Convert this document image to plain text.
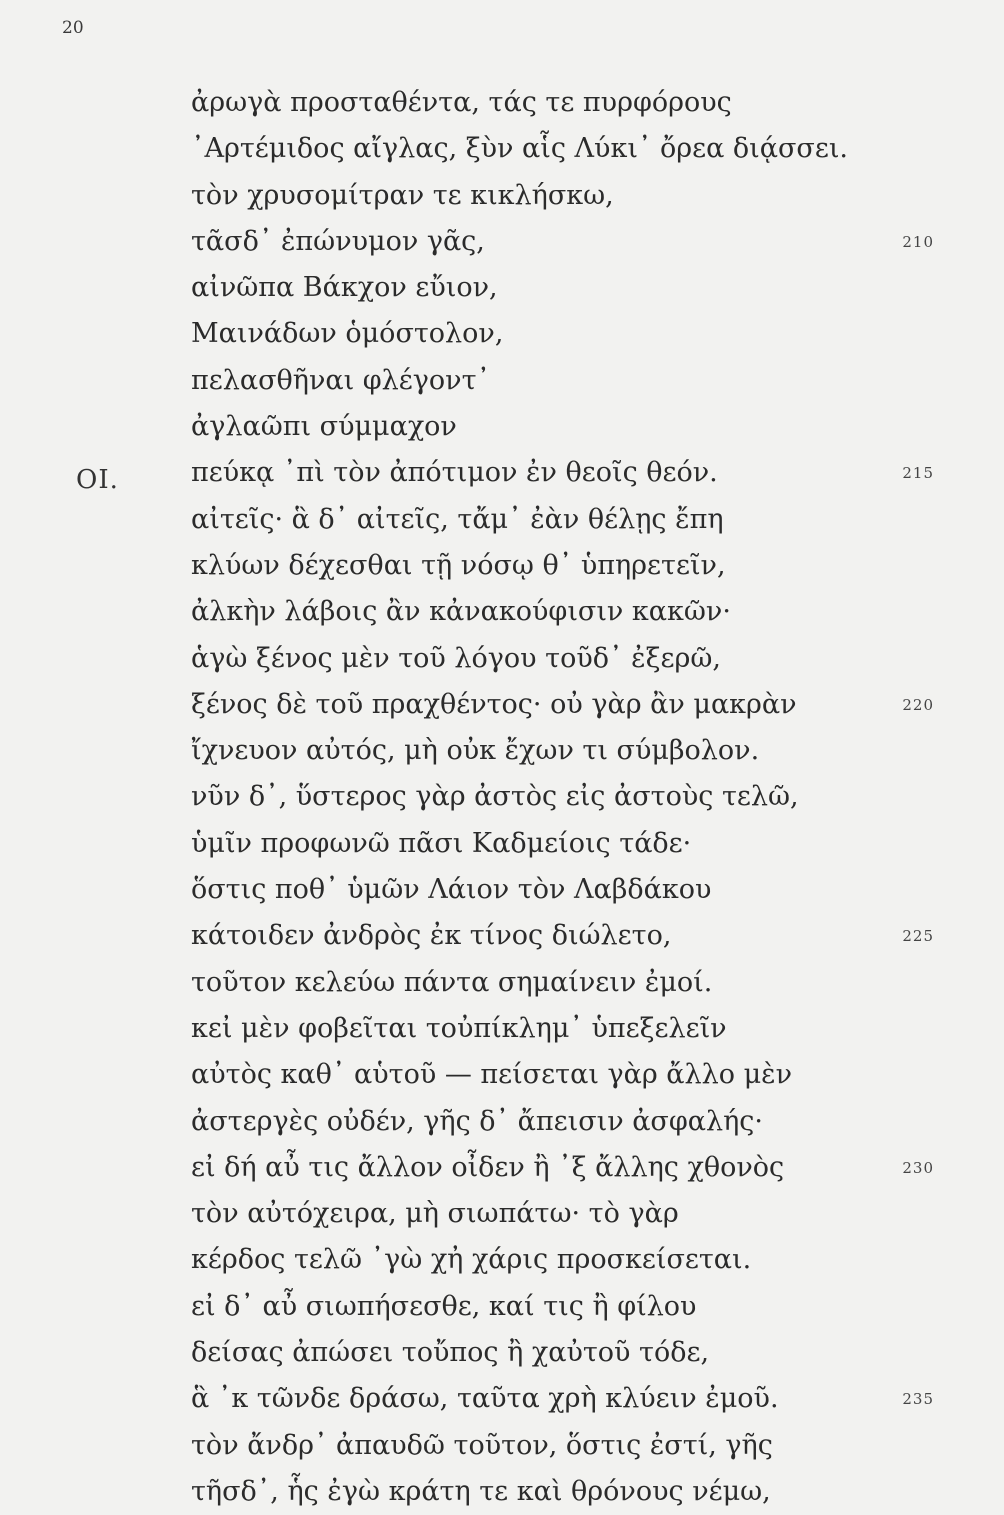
20
OI.
ἀρωγὰ προσταθέντα, τάς τε πυρφόρους
᾿Αρτέμιδος αἴγλας, ξὺν αἷς Λύκι᾽ ὄρεα διᾴσσει.
τὸν χρυσομίτραν τε κικλήσκω,
τᾶσδ᾽ ἐπώνυμον γᾶς,	210
αἰνῶπα Βάκχον εὔιον,
Μαινάδων ὁμόστολον,
πελασθῆναι φλέγοντ᾽
ἀγλαῶπι σύμμαχον
πεύκᾳ ᾽πὶ τὸν ἀπότιμον ἐν θεοῖς θεόν.	215
αἰτεῖς· ἃ δ᾽ αἰτεῖς, τἄμ᾽ ἐὰν θέλῃς ἔπη
κλύων δέχεσθαι τῇ νόσῳ θ᾽ ὑπηρετεῖν,
ἀλκὴν λάβοις ἂν κἀνακούφισιν κακῶν·
ἁγὼ ξένος μὲν τοῦ λόγου τοῦδ᾽ ἐξερῶ,
ξένος δὲ τοῦ πραχθέντος· οὐ γὰρ ἂν μακρὰν	220
ἴχνευον αὐτός, μὴ οὐκ ἔχων τι σύμβολον.
νῦν δ᾽, ὕστερος γὰρ ἀστὸς εἰς ἀστοὺς τελῶ,
ὑμῖν προφωνῶ πᾶσι Καδμείοις τάδε·
ὅστις ποθ᾽ ὑμῶν Λάιον τὸν Λαβδάκου
κάτοιδεν ἀνδρὸς ἐκ τίνος διώλετο,	225
τοῦτον κελεύω πάντα σημαίνειν ἐμοί.
κεἰ μὲν φοβεῖται τοὐπίκλημ᾽ ὑπεξελεῖν
αὐτὸς καθ᾽ αὑτοῦ — πείσεται γὰρ ἄλλο μὲν
ἀστεργὲς οὐδέν, γῆς δ᾽ ἄπεισιν ἀσφαλής·
εἰ δή αὖ τις ἄλλον οἶδεν ἢ ᾽ξ ἄλλης χθονὸς	230
τὸν αὐτόχειρα, μὴ σιωπάτω· τὸ γὰρ
κέρδος τελῶ ᾽γὼ χἠ χάρις προσκείσεται.
εἰ δ᾽ αὖ σιωπήσεσθε, καί τις ἢ φίλου
δείσας ἀπώσει τοὔπος ἢ χαὐτοῦ τόδε,
ἃ ᾽κ τῶνδε δράσω, ταῦτα χρὴ κλύειν ἐμοῦ.	235
τὸν ἄνδρ᾽ ἀπαυδῶ τοῦτον, ὅστις ἐστί, γῆς
τῆσδ᾽, ἧς ἐγὼ κράτη τε καὶ θρόνους νέμω,
